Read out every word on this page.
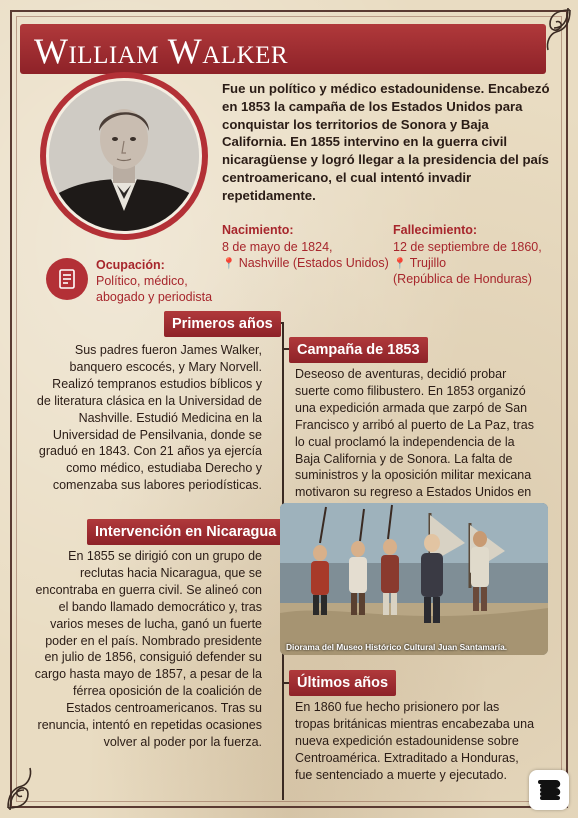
William Walker
Fue un político y médico estadounidense. Encabezó en 1853 la campaña de los Estados Unidos para conquistar los territorios de Sonora y Baja California. En 1855 intervino en la guerra civil nicaragüense y logró llegar a la presidencia del país centroamericano, el cual intentó invadir repetidamente.
Nacimiento:
8 de mayo de 1824,
📍 Nashville (Estados Unidos)
Fallecimiento:
12 de septiembre de 1860,
📍 Trujillo
(República de Honduras)
Ocupación:
Político, médico,
abogado y periodista
Primeros años
Sus padres fueron James Walker, banquero escocés, y Mary Norvell. Realizó tempranos estudios bíblicos y de literatura clásica en la Universidad de Nashville. Estudió Medicina en la Universidad de Pensilvania, donde se graduó en 1843. Con 21 años ya ejercía como médico, estudiaba Derecho y comenzaba sus labores periodísticas.
Campaña de 1853
Deseoso de aventuras, decidió probar suerte como filibustero. En 1853 organizó una expedición armada que zarpó de San Francisco y arribó al puerto de La Paz, tras lo cual proclamó la independencia de la Baja California y de Sonora. La falta de suministros y la oposición militar mexicana motivaron su regreso a Estados Unidos en
Intervención en Nicaragua
En 1855 se dirigió con un grupo de reclutas hacia Nicaragua, que se encontraba en guerra civil. Se alineó con el bando llamado democrático y, tras varios meses de lucha, ganó un fuerte poder en el país. Nombrado presidente en julio de 1856, consiguió defender su cargo hasta mayo de 1857, a pesar de la férrea oposición de la coalición de Estados centroamericanos. Tras su renuncia, intentó en repetidas ocasiones volver al poder por la fuerza.
Diorama del Museo Histórico Cultural Juan Santamaría.
Últimos años
En 1860 fue hecho prisionero por las tropas británicas mientras encabezaba una nueva expedición estadounidense sobre Centroamérica. Extraditado a Honduras, fue sentenciado a muerte y ejecutado.
